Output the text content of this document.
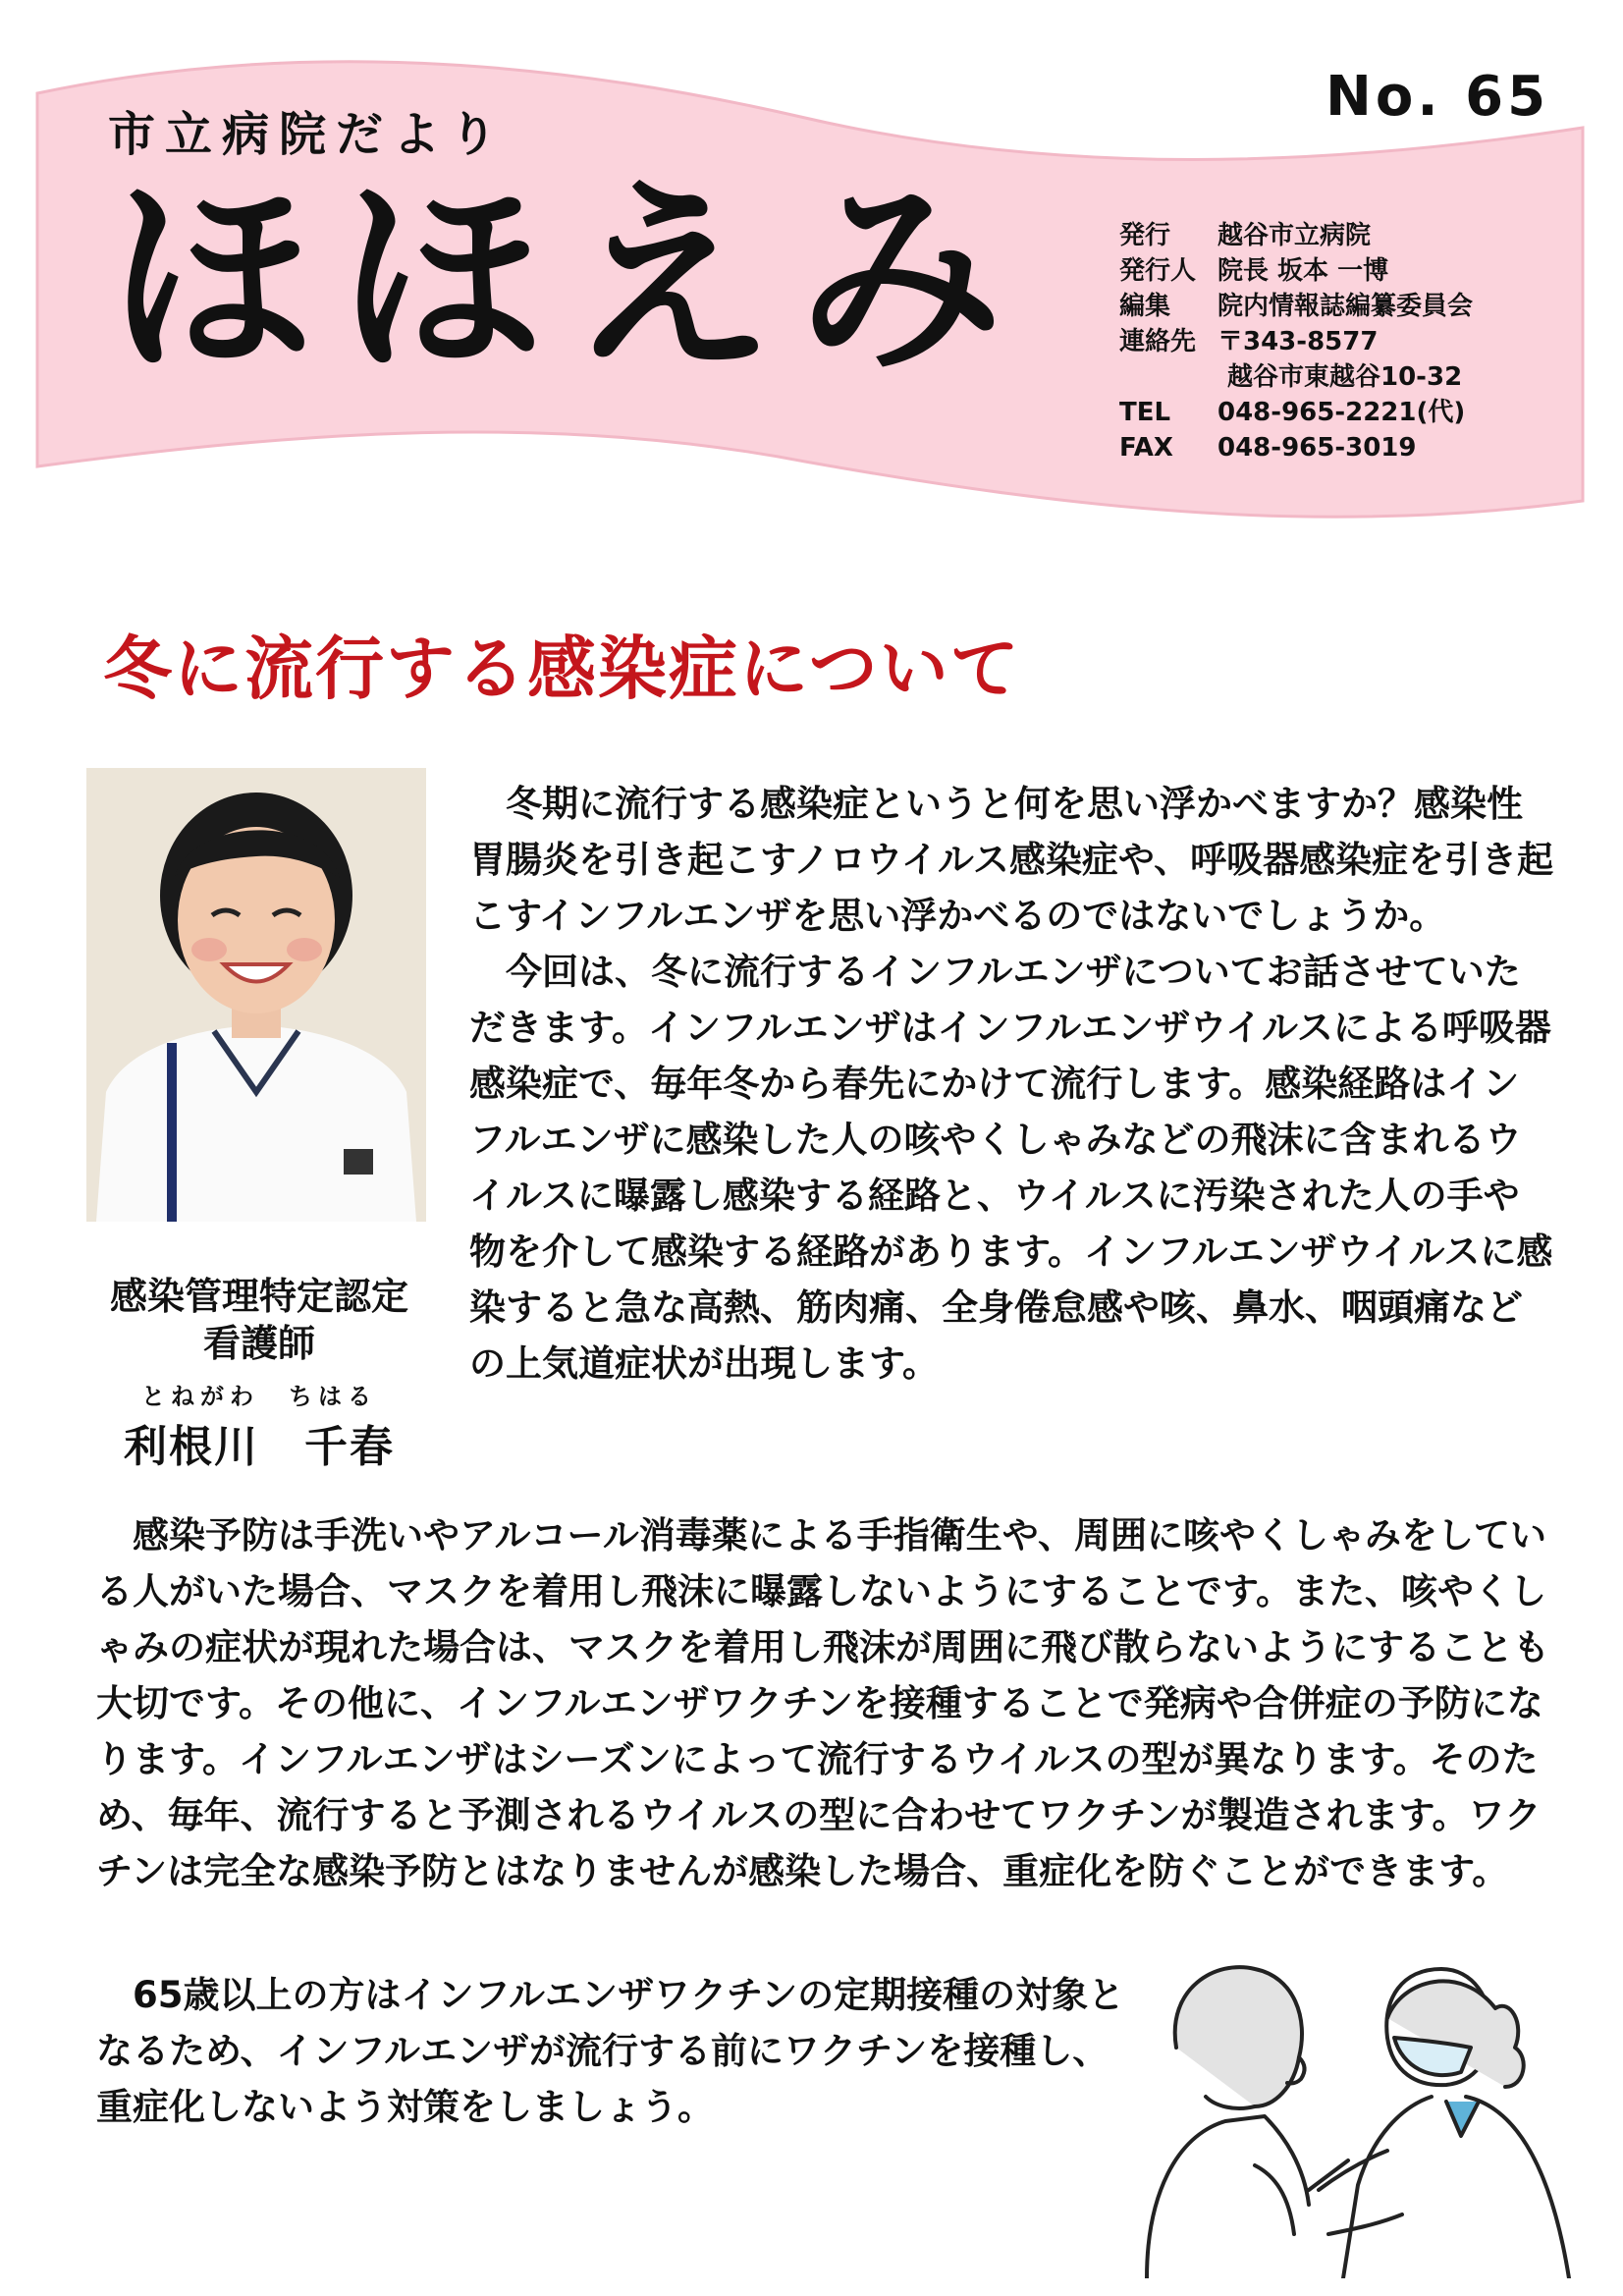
市立病院だより
No. 65
ほほえみ	発行	越谷市立病院
発行人 院長 坂本 一博
編集	院内情報誌編纂委員会
連絡先 〒343-8577
越谷市東越谷10-32
TEL	048-965-2221(代)
FAX	048-965-3019
冬に流行する感染症について
感染管理特定認定
看護師
とねがわ　ちはる
利根川　千春

　冬期に流行する感染症というと何を思い浮かべますか？感染性胃腸炎を引き起こすノロウイルス感染症や、呼吸器感染症を引き起こすインフルエンザを思い浮かべるのではないでしょうか。

　今回は、冬に流行するインフルエンザについてお話させていただきます。インフルエンザはインフルエンザウイルスによる呼吸器感染症で、毎年冬から春先にかけて流行します。感染経路はインフルエンザに感染した人の咳やくしゃみなどの飛沫に含まれるウイルスに曝露し感染する経路と、ウイルスに汚染された人の手や物を介して感染する経路があります。インフルエンザウイルスに感染すると急な高熱、筋肉痛、全身倦怠感や咳、鼻水、咽頭痛などの上気道症状が出現します。

　感染予防は手洗いやアルコール消毒薬による手指衛生や、周囲に咳やくしゃみをしている人がいた場合、マスクを着用し飛沫に曝露しないようにすることです。また、咳やくしゃみの症状が現れた場合は、マスクを着用し飛沫が周囲に飛び散らないようにすることも大切です。その他に、インフルエンザワクチンを接種することで発病や合併症の予防になります。インフルエンザはシーズンによって流行するウイルスの型が異なります。そのため、毎年、流行すると予測されるウイルスの型に合わせてワクチンが製造されます。ワクチンは完全な感染予防とはなりませんが感染した場合、重症化を防ぐことができます。

　65歳以上の方はインフルエンザワクチンの定期接種の対象となるため、インフルエンザが流行する前にワクチンを接種し、重症化しないよう対策をしましょう。
